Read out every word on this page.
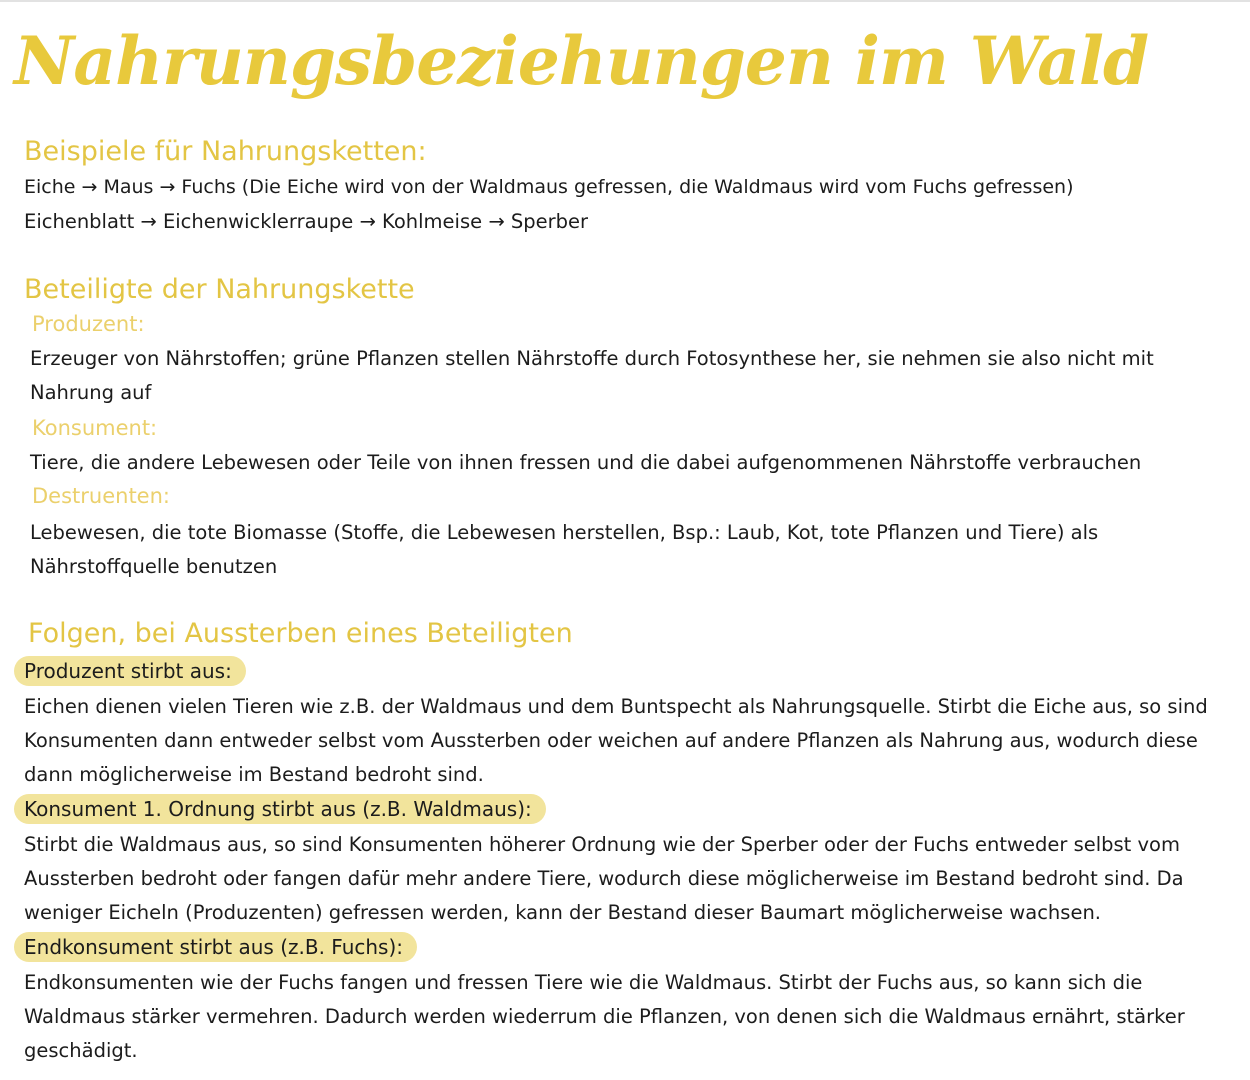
Nahrungsbeziehungen im Wald
Beispiele für Nahrungsketten:

Eiche → Maus → Fuchs (Die Eiche wird von der Waldmaus gefressen, die Waldmaus wird vom Fuchs gefressen)

Eichenblatt → Eichenwicklerraupe → Kohlmeise → Sperber

Beteiligte der Nahrungskette
Produzent:

Erzeuger von Nährstoffen; grüne Pflanzen stellen Nährstoffe durch Fotosynthese her, sie nehmen sie also nicht mit Nahrung auf

Konsument:

Tiere, die andere Lebewesen oder Teile von ihnen fressen und die dabei aufgenommenen Nährstoffe verbrauchen

Destruenten:

Lebewesen, die tote Biomasse (Stoffe, die Lebewesen herstellen, Bsp.: Laub, Kot, tote Pflanzen und Tiere) als Nährstoffquelle benutzen

Folgen, bei Aussterben eines Beteiligten
Produzent stirbt aus:

Eichen dienen vielen Tieren wie z.B. der Waldmaus und dem Buntspecht als Nahrungsquelle. Stirbt die Eiche aus, so sind Konsumenten dann entweder selbst vom Aussterben oder weichen auf andere Pflanzen als Nahrung aus, wodurch diese dann möglicherweise im Bestand bedroht sind.

Konsument 1. Ordnung stirbt aus (z.B. Waldmaus):

Stirbt die Waldmaus aus, so sind Konsumenten höherer Ordnung wie der Sperber oder der Fuchs entweder selbst vom Aussterben bedroht oder fangen dafür mehr andere Tiere, wodurch diese möglicherweise im Bestand bedroht sind. Da weniger Eicheln (Produzenten) gefressen werden, kann der Bestand dieser Baumart möglicherweise wachsen.

Endkonsument stirbt aus (z.B. Fuchs):

Endkonsumenten wie der Fuchs fangen und fressen Tiere wie die Waldmaus. Stirbt der Fuchs aus, so kann sich die Waldmaus stärker vermehren. Dadurch werden wiederrum die Pflanzen, von denen sich die Waldmaus ernährt, stärker geschädigt.
